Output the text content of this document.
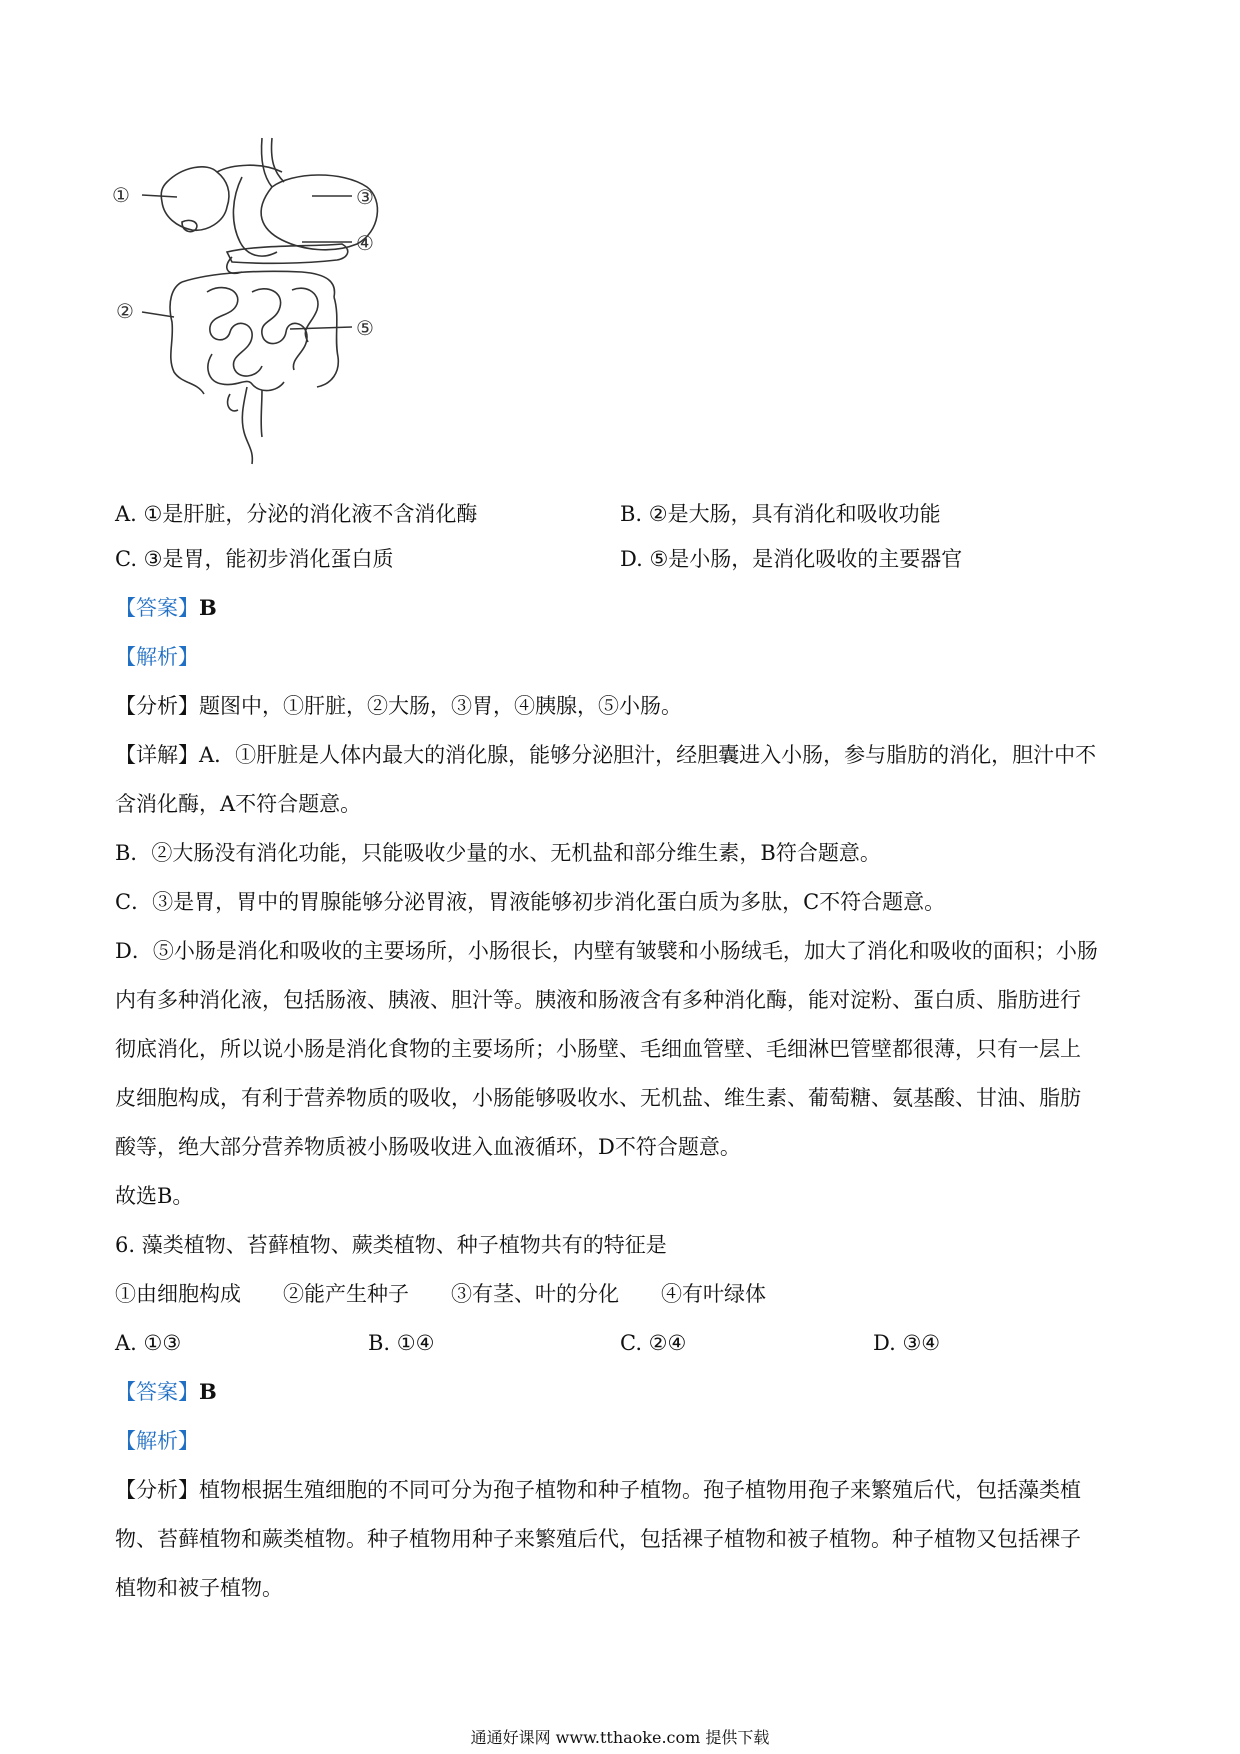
①	③
④
②
⑤
A. ①是肝脏，分泌的消化液不含消化酶	B. ②是大肠，具有消化和吸收功能
C. ③是胃，能初步消化蛋白质	D. ⑤是小肠，是消化吸收的主要器官
【答案】B
【解析】
【分析】题图中，①肝脏，②大肠，③胃，④胰腺，⑤小肠。
【详解】A．①肝脏是人体内最大的消化腺，能够分泌胆汁，经胆囊进入小肠，参与脂肪的消化，胆汁中不
含消化酶，A不符合题意。
B．②大肠没有消化功能，只能吸收少量的水、无机盐和部分维生素，B符合题意。
C．③是胃，胃中的胃腺能够分泌胃液，胃液能够初步消化蛋白质为多肽，C不符合题意。
D．⑤小肠是消化和吸收的主要场所，小肠很长，内壁有皱襞和小肠绒毛，加大了消化和吸收的面积；小肠
内有多种消化液，包括肠液、胰液、胆汁等。胰液和肠液含有多种消化酶，能对淀粉、蛋白质、脂肪进行
彻底消化，所以说小肠是消化食物的主要场所；小肠壁、毛细血管壁、毛细淋巴管壁都很薄，只有一层上
皮细胞构成，有利于营养物质的吸收，小肠能够吸收水、无机盐、维生素、葡萄糖、氨基酸、甘油、脂肪
酸等，绝大部分营养物质被小肠吸收进入血液循环，D不符合题意。
故选B。
6. 藻类植物、苔藓植物、蕨类植物、种子植物共有的特征是
①由细胞构成　　②能产生种子　　③有茎、叶的分化　　④有叶绿体
A. ①③	B. ①④	C. ②④	D. ③④
【答案】B
【解析】
【分析】植物根据生殖细胞的不同可分为孢子植物和种子植物。孢子植物用孢子来繁殖后代，包括藻类植
物、苔藓植物和蕨类植物。种子植物用种子来繁殖后代，包括裸子植物和被子植物。种子植物又包括裸子
植物和被子植物。
通通好课网 www.tthaoke.com 提供下载
